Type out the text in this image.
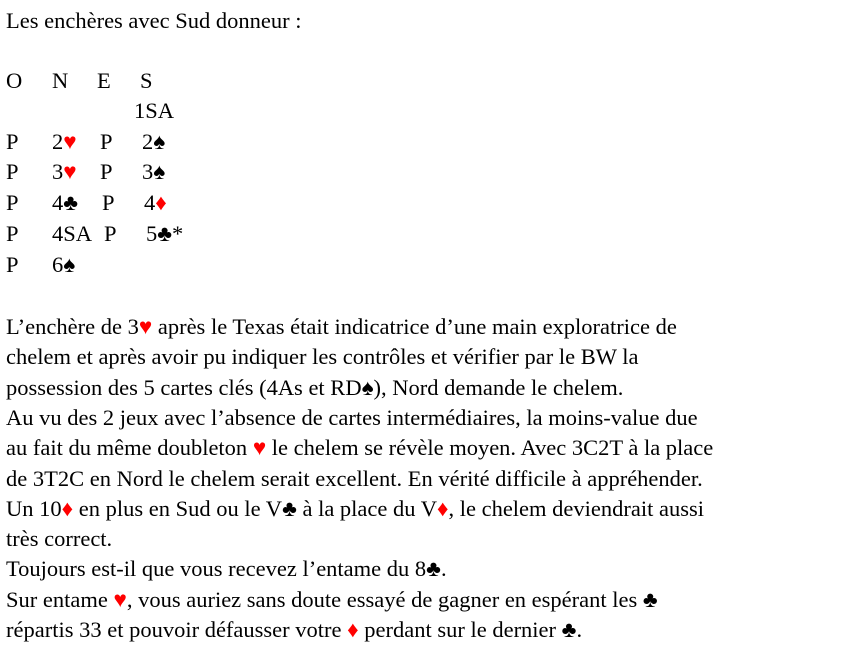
Les enchères avec Sud donneur :
O N E S
1SA
P 2♥ P 2♠
P 3♥ P 3♠
P 4♣ P 4♦
P 4SA P 5♣*
P 6♠
L’enchère de 3♥ après le Texas était indicatrice d’une main exploratrice de
chelem et après avoir pu indiquer les contrôles et vérifier par le BW la
possession des 5 cartes clés (4As et RD♠), Nord demande le chelem.
Au vu des 2 jeux avec l’absence de cartes intermédiaires, la moins-value due
au fait du même doubleton ♥ le chelem se révèle moyen. Avec 3C2T à la place
de 3T2C en Nord le chelem serait excellent. En vérité difficile à appréhender.
Un 10♦ en plus en Sud ou le V♣ à la place du V♦, le chelem deviendrait aussi
très correct.
Toujours est-il que vous recevez l’entame du 8♣.
Sur entame ♥, vous auriez sans doute essayé de gagner en espérant les ♣
répartis 33 et pouvoir défausser votre ♦ perdant sur le dernier ♣.
